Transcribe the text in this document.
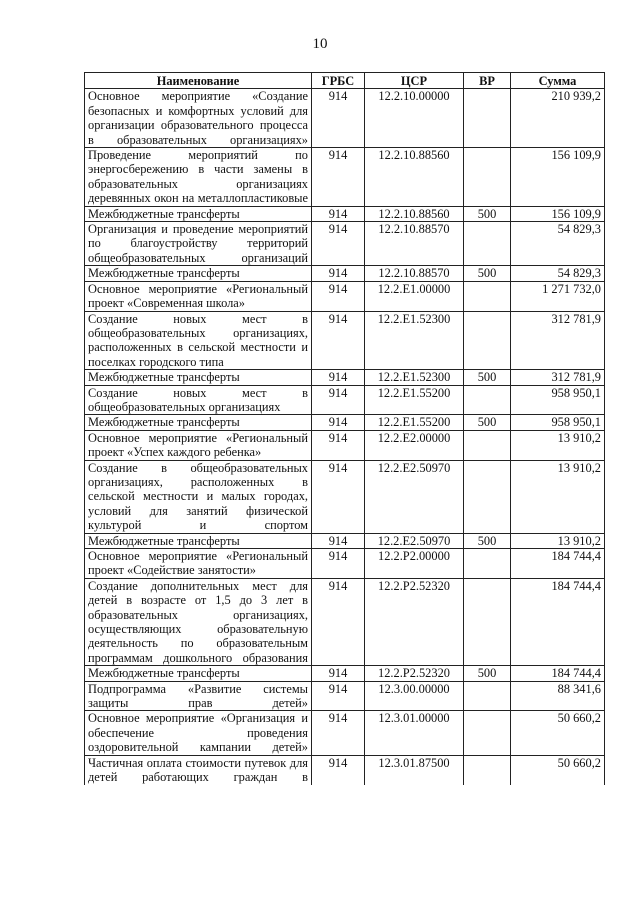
10
Наименование	ГРБС	ЦСР	ВР	Сумма
Основное мероприятие «Создание безопасных и комфортных условий для организации образовательного процесса в образовательных организациях»	914	12.2.10.00000		210 939,2
Проведение мероприятий по энергосбережению в части замены в образовательных организациях деревянных окон на металлопластиковые	914	12.2.10.88560		156 109,9
Межбюджетные трансферты	914	12.2.10.88560	500	156 109,9
Организация и проведение мероприятий по благоустройству территорий общеобразовательных организаций	914	12.2.10.88570		54 829,3
Межбюджетные трансферты	914	12.2.10.88570	500	54 829,3
Основное мероприятие «Региональный проект «Современная школа»	914	12.2.Е1.00000		1 271 732,0
Создание новых мест в общеобразовательных организациях, расположенных в сельской местности и поселках городского типа	914	12.2.Е1.52300		312 781,9
Межбюджетные трансферты	914	12.2.Е1.52300	500	312 781,9
Создание новых мест в общеобразовательных организациях	914	12.2.Е1.55200		958 950,1
Межбюджетные трансферты	914	12.2.Е1.55200	500	958 950,1
Основное мероприятие «Региональный проект «Успех каждого ребенка»	914	12.2.Е2.00000		13 910,2
Создание в общеобразовательных организациях, расположенных в сельской местности и малых городах, условий для занятий физической культурой и спортом	914	12.2.Е2.50970		13 910,2
Межбюджетные трансферты	914	12.2.Е2.50970	500	13 910,2
Основное мероприятие «Региональный проект «Содействие занятости»	914	12.2.Р2.00000		184 744,4
Создание дополнительных мест для детей в возрасте от 1,5 до 3 лет в образовательных организациях, осуществляющих образовательную деятельность по образовательным программам дошкольного образования	914	12.2.Р2.52320		184 744,4
Межбюджетные трансферты	914	12.2.Р2.52320	500	184 744,4
Подпрограмма «Развитие системы защиты прав детей»	914	12.3.00.00000		88 341,6
Основное мероприятие «Организация и обеспечение проведения оздоровительной кампании детей»	914	12.3.01.00000		50 660,2
Частичная оплата стоимости путевок для детей работающих граждан в	914	12.3.01.87500		50 660,2
